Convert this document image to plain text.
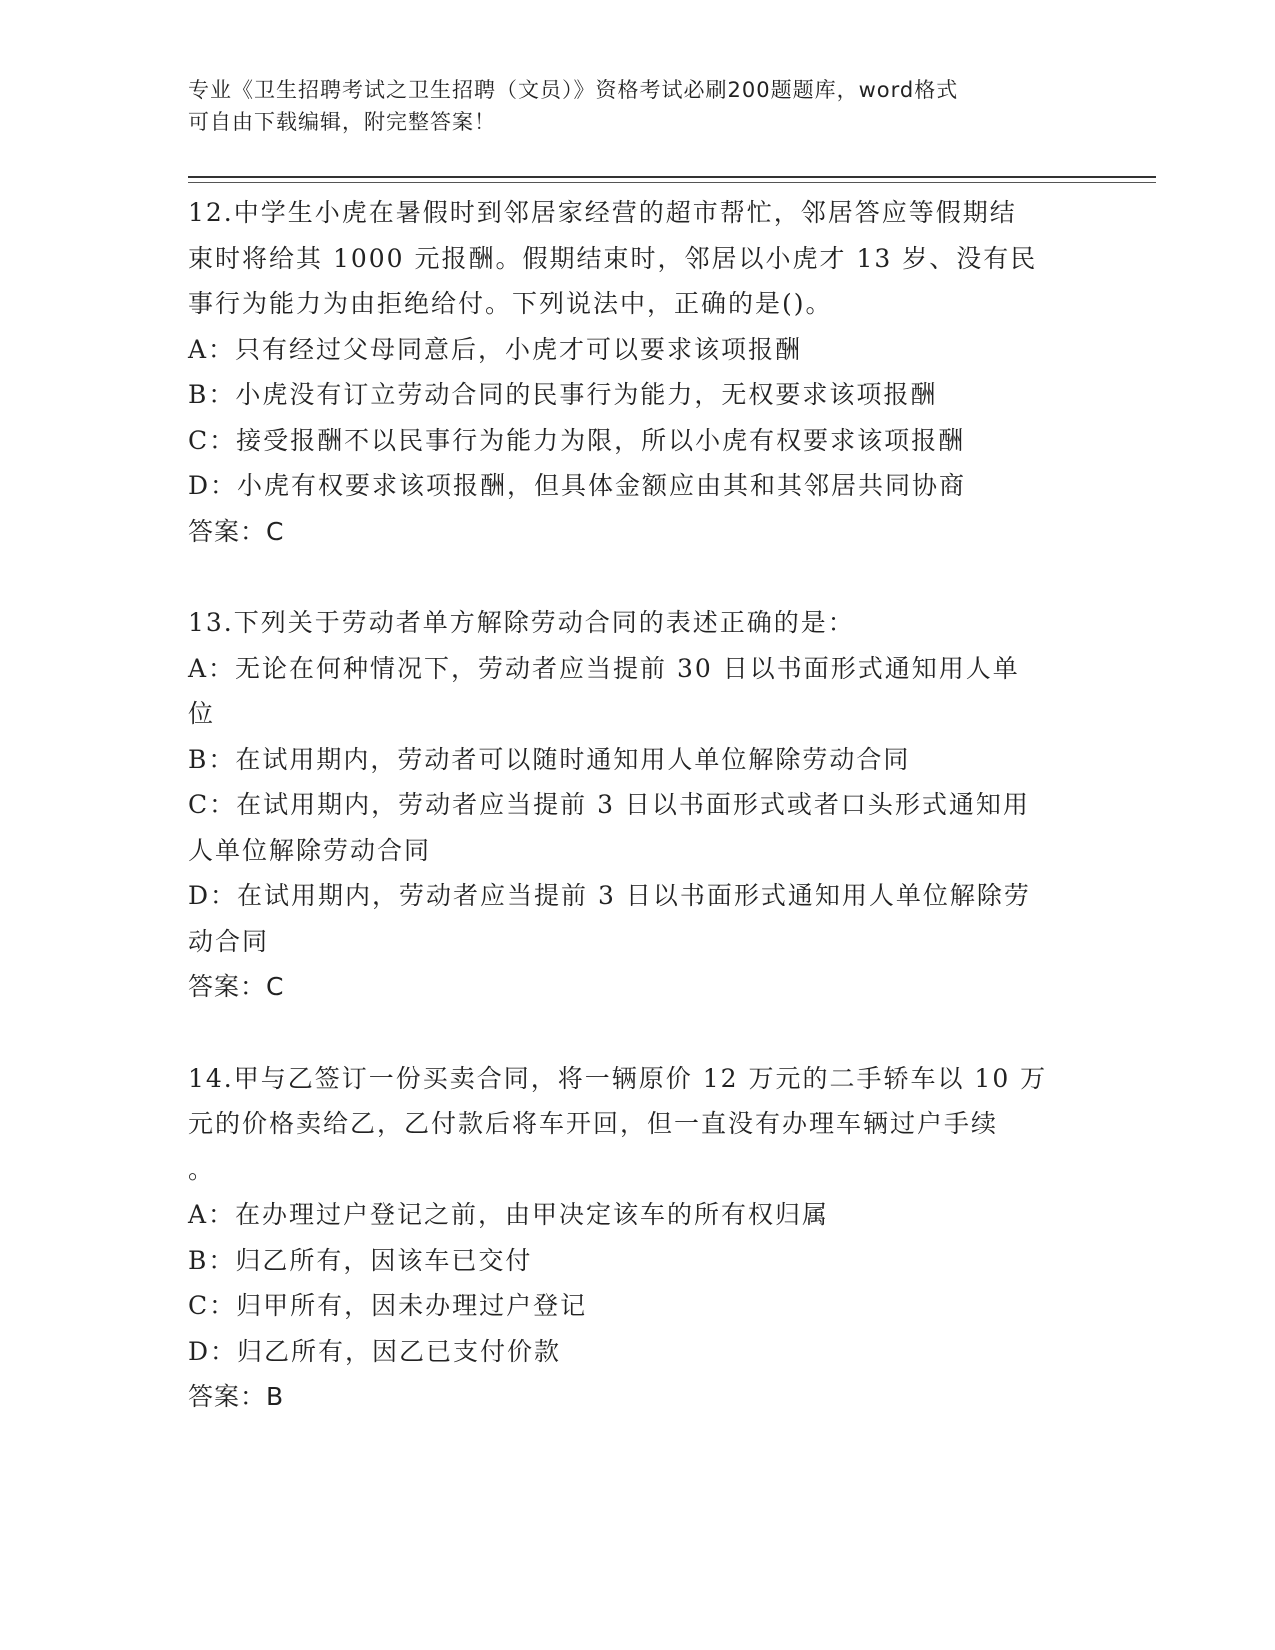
专业《卫生招聘考试之卫生招聘（文员）》资格考试必刷200题题库，word格式
可自由下载编辑，附完整答案！

12.中学生小虎在暑假时到邻居家经营的超市帮忙，邻居答应等假期结

束时将给其 1000 元报酬。假期结束时，邻居以小虎才 13 岁、没有民

事行为能力为由拒绝给付。下列说法中，正确的是()。

A：只有经过父母同意后，小虎才可以要求该项报酬

B：小虎没有订立劳动合同的民事行为能力，无权要求该项报酬

C：接受报酬不以民事行为能力为限，所以小虎有权要求该项报酬

D：小虎有权要求该项报酬，但具体金额应由其和其邻居共同协商

答案：C

13.下列关于劳动者单方解除劳动合同的表述正确的是：

A：无论在何种情况下，劳动者应当提前 30 日以书面形式通知用人单

位

B：在试用期内，劳动者可以随时通知用人单位解除劳动合同

C：在试用期内，劳动者应当提前 3 日以书面形式或者口头形式通知用

人单位解除劳动合同

D：在试用期内，劳动者应当提前 3 日以书面形式通知用人单位解除劳

动合同

答案：C

14.甲与乙签订一份买卖合同，将一辆原价 12 万元的二手轿车以 10 万

元的价格卖给乙，乙付款后将车开回，但一直没有办理车辆过户手续

。

A：在办理过户登记之前，由甲决定该车的所有权归属

B：归乙所有，因该车已交付

C：归甲所有，因未办理过户登记

D：归乙所有，因乙已支付价款

答案：B
